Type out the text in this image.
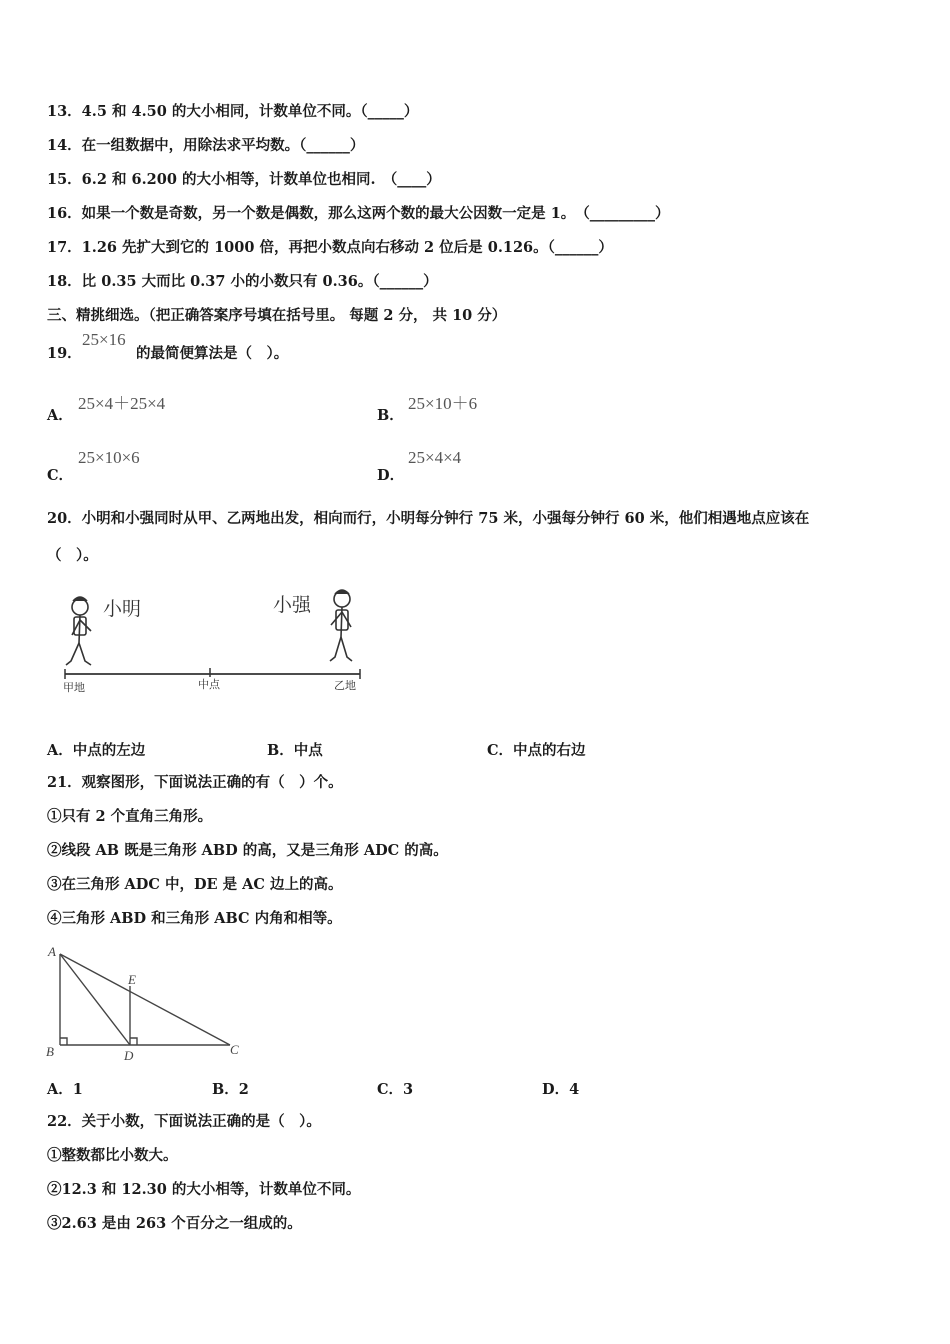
13．4.5 和 4.50 的大小相同，计数单位不同。（_____）
14．在一组数据中，用除法求平均数。（______）
15．6.2 和 6.200 的大小相等，计数单位也相同.　（____）
16．如果一个数是奇数，另一个数是偶数，那么这两个数的最大公因数一定是 1。　（_________）
17．1.26 先扩大到它的 1000 倍，再把小数点向右移动 2 位后是 0.126。（______）
18．比 0.35 大而比 0.37 小的小数只有 0.36。（______）
三、精挑细选。（把正确答案序号填在括号里。 每题 2 分， 共 10 分）
19．
25×16
的最简便算法是（　）。
A．
25×4＋25×4
B．
25×10＋6
C．
25×10×6
D．
25×4×4
20．小明和小强同时从甲、乙两地出发，相向而行，小明每分钟行 75 米，小强每分钟行 60 米，他们相遇地点应该在
（　）。
小明	小强
甲地	中点	乙地
A．中点的左边	B．中点	C．中点的右边
21．观察图形，下面说法正确的有（　）个。
①只有 2 个直角三角形。
②线段 AB 既是三角形 ABD 的高，又是三角形 ADC 的高。
③在三角形 ADC 中，DE 是 AC 边上的高。
④三角形 ABD 和三角形 ABC 内角和相等。
A
B	D	C
E
A．1	B．2	C．3	D．4
22．关于小数，下面说法正确的是（　）。
①整数都比小数大。
②12.3 和 12.30 的大小相等，计数单位不同。
③2.63 是由 263 个百分之一组成的。
